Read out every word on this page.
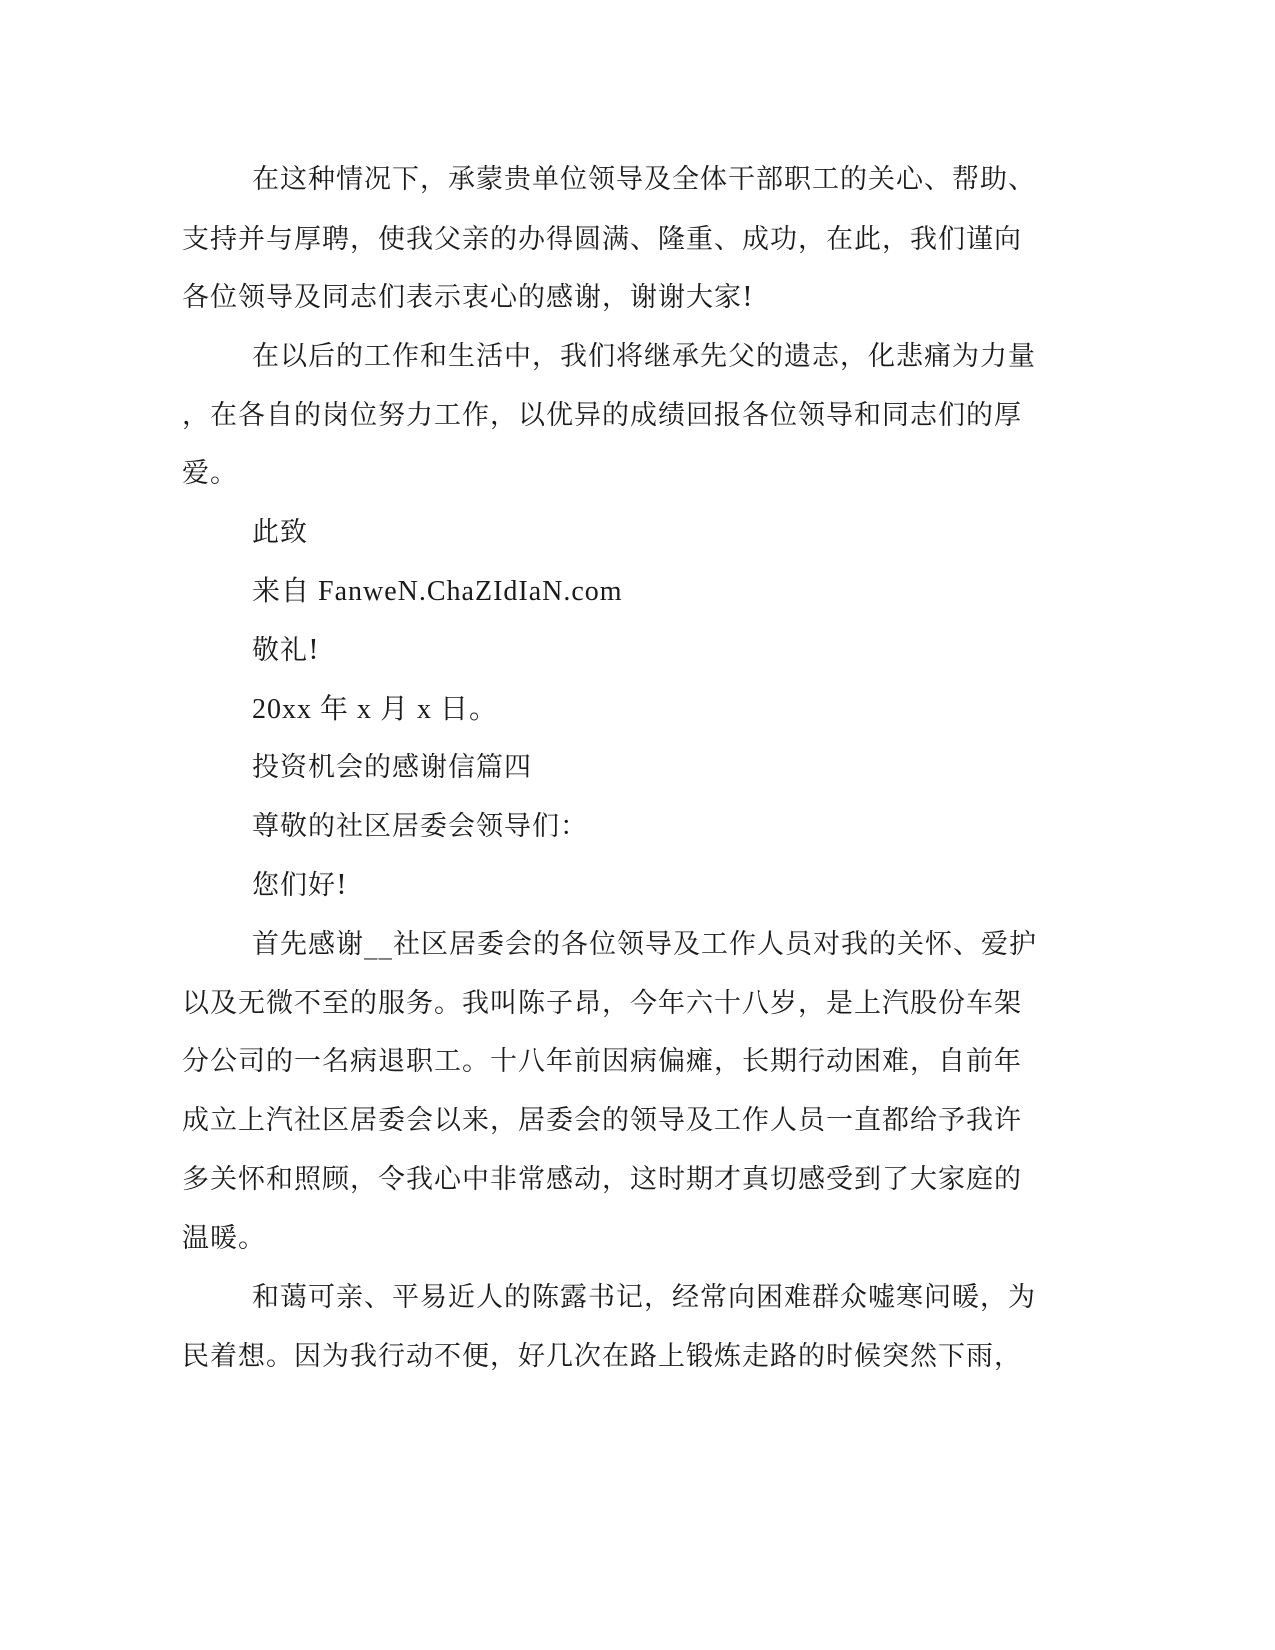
在这种情况下，承蒙贵单位领导及全体干部职工的关心、帮助、
支持并与厚聘，使我父亲的办得圆满、隆重、成功，在此，我们谨向
各位领导及同志们表示衷心的感谢，谢谢大家!
在以后的工作和生活中，我们将继承先父的遗志，化悲痛为力量
，在各自的岗位努力工作，以优异的成绩回报各位领导和同志们的厚
爱。
此致
来自 FanweN.ChaZIdIaN.com
敬礼!
20xx 年 x 月 x 日。
投资机会的感谢信篇四
尊敬的社区居委会领导们：
您们好!
首先感谢__社区居委会的各位领导及工作人员对我的关怀、爱护
以及无微不至的服务。我叫陈子昂，今年六十八岁，是上汽股份车架
分公司的一名病退职工。十八年前因病偏瘫，长期行动困难，自前年
成立上汽社区居委会以来，居委会的领导及工作人员一直都给予我许
多关怀和照顾，令我心中非常感动，这时期才真切感受到了大家庭的
温暖。
和蔼可亲、平易近人的陈露书记，经常向困难群众嘘寒问暖，为
民着想。因为我行动不便，好几次在路上锻炼走路的时候突然下雨，
